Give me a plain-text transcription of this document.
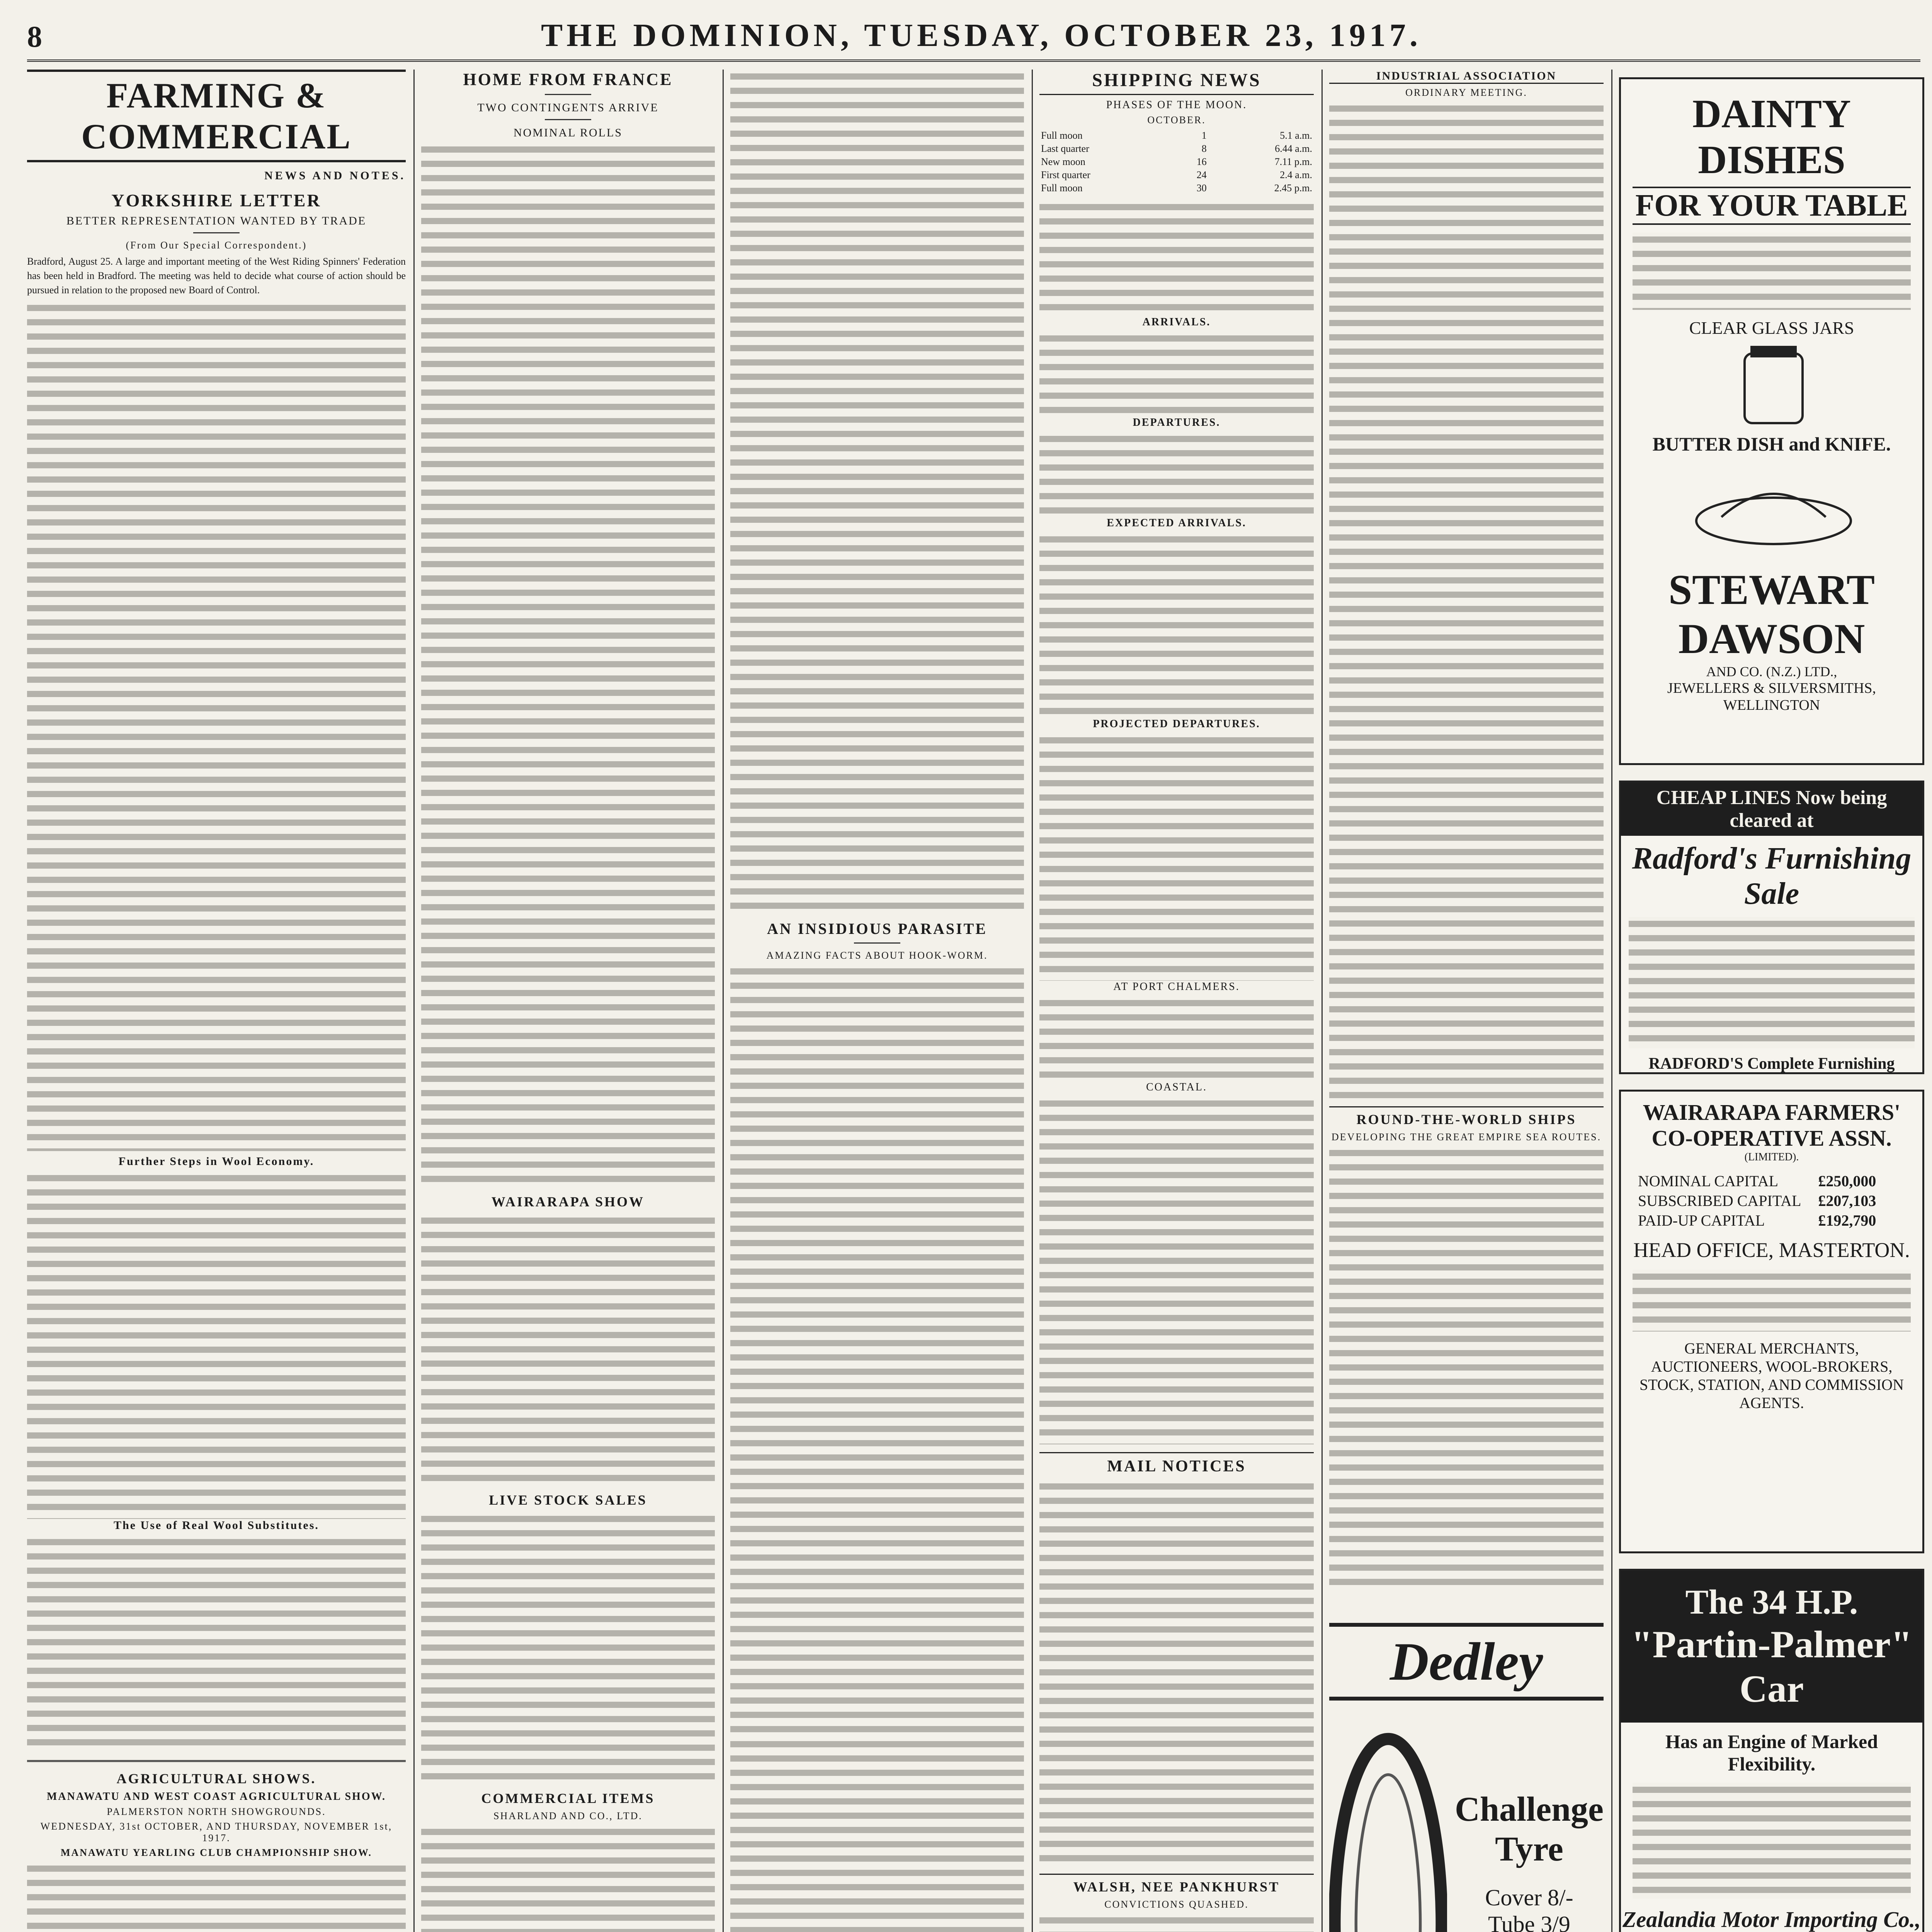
8	THE DOMINION, TUESDAY, OCTOBER 23, 1917.
FARMING & COMMERCIAL
NEWS AND NOTES.
YORKSHIRE LETTER
BETTER REPRESENTATION WANTED BY TRADE
(From Our Special Correspondent.)

Bradford, August 25. A large and important meeting of the West Riding Spinners' Federation has been held in Bradford. The meeting was held to decide what course of action should be pursued in relation to the proposed new Board of Control.

Further Steps in Wool Economy.
The Use of Real Wool Substitutes.
AGRICULTURAL SHOWS.
MANAWATU AND WEST COAST AGRICULTURAL SHOW.
PALMERSTON NORTH SHOWGROUNDS.
WEDNESDAY, 31st OCTOBER, AND THURSDAY, NOVEMBER 1st, 1917.
MANAWATU YEARLING CLUB CHAMPIONSHIP SHOW.
HOME FROM FRANCE
TWO CONTINGENTS ARRIVE
NOMINAL ROLLS
WAIRARAPA SHOW
LIVE STOCK SALES
COMMERCIAL ITEMS
SHARLAND AND CO., LTD.
AN INSIDIOUS PARASITE
AMAZING FACTS ABOUT HOOK-WORM.
SHIPPING NEWS
PHASES OF THE MOON.
OCTOBER.
Full moon	1	5.1 a.m.
Last quarter	8	6.44 a.m.
New moon	16	7.11 p.m.
First quarter	24	2.4 a.m.
Full moon	30	2.45 p.m.
ARRIVALS.
DEPARTURES.
EXPECTED ARRIVALS.
PROJECTED DEPARTURES.
AT PORT CHALMERS.
COASTAL.
MAIL NOTICES
WALSH, NEE PANKHURST
CONVICTIONS QUASHED.
INDUSTRIAL ASSOCIATION
ORDINARY MEETING.
ROUND-THE-WORLD SHIPS
DEVELOPING THE GREAT EMPIRE SEA ROUTES.
Dedley
Challenge Tyre
Cover 8/-
Tube 3/9
DAINTY DISHES
FOR YOUR TABLE
CLEAR GLASS JARS
BUTTER DISH and KNIFE.
STEWART DAWSON
AND CO. (N.Z.) LTD.,
JEWELLERS & SILVERSMITHS, WELLINGTON
CHEAP LINES Now being cleared at
Radford's Furnishing Sale
RADFORD'S Complete Furnishing
WAIRARAPA FARMERS' CO-OPERATIVE ASSN.
(LIMITED).
NOMINAL CAPITAL	£250,000
SUBSCRIBED CAPITAL	£207,103
PAID-UP CAPITAL	£192,790
HEAD OFFICE, MASTERTON.
GENERAL MERCHANTS, AUCTIONEERS, WOOL-BROKERS, STOCK, STATION, AND COMMISSION AGENTS.
The 34 H.P.
"Partin-Palmer" Car
Has an Engine of Marked Flexibility.
Zealandia Motor Importing Co.,
